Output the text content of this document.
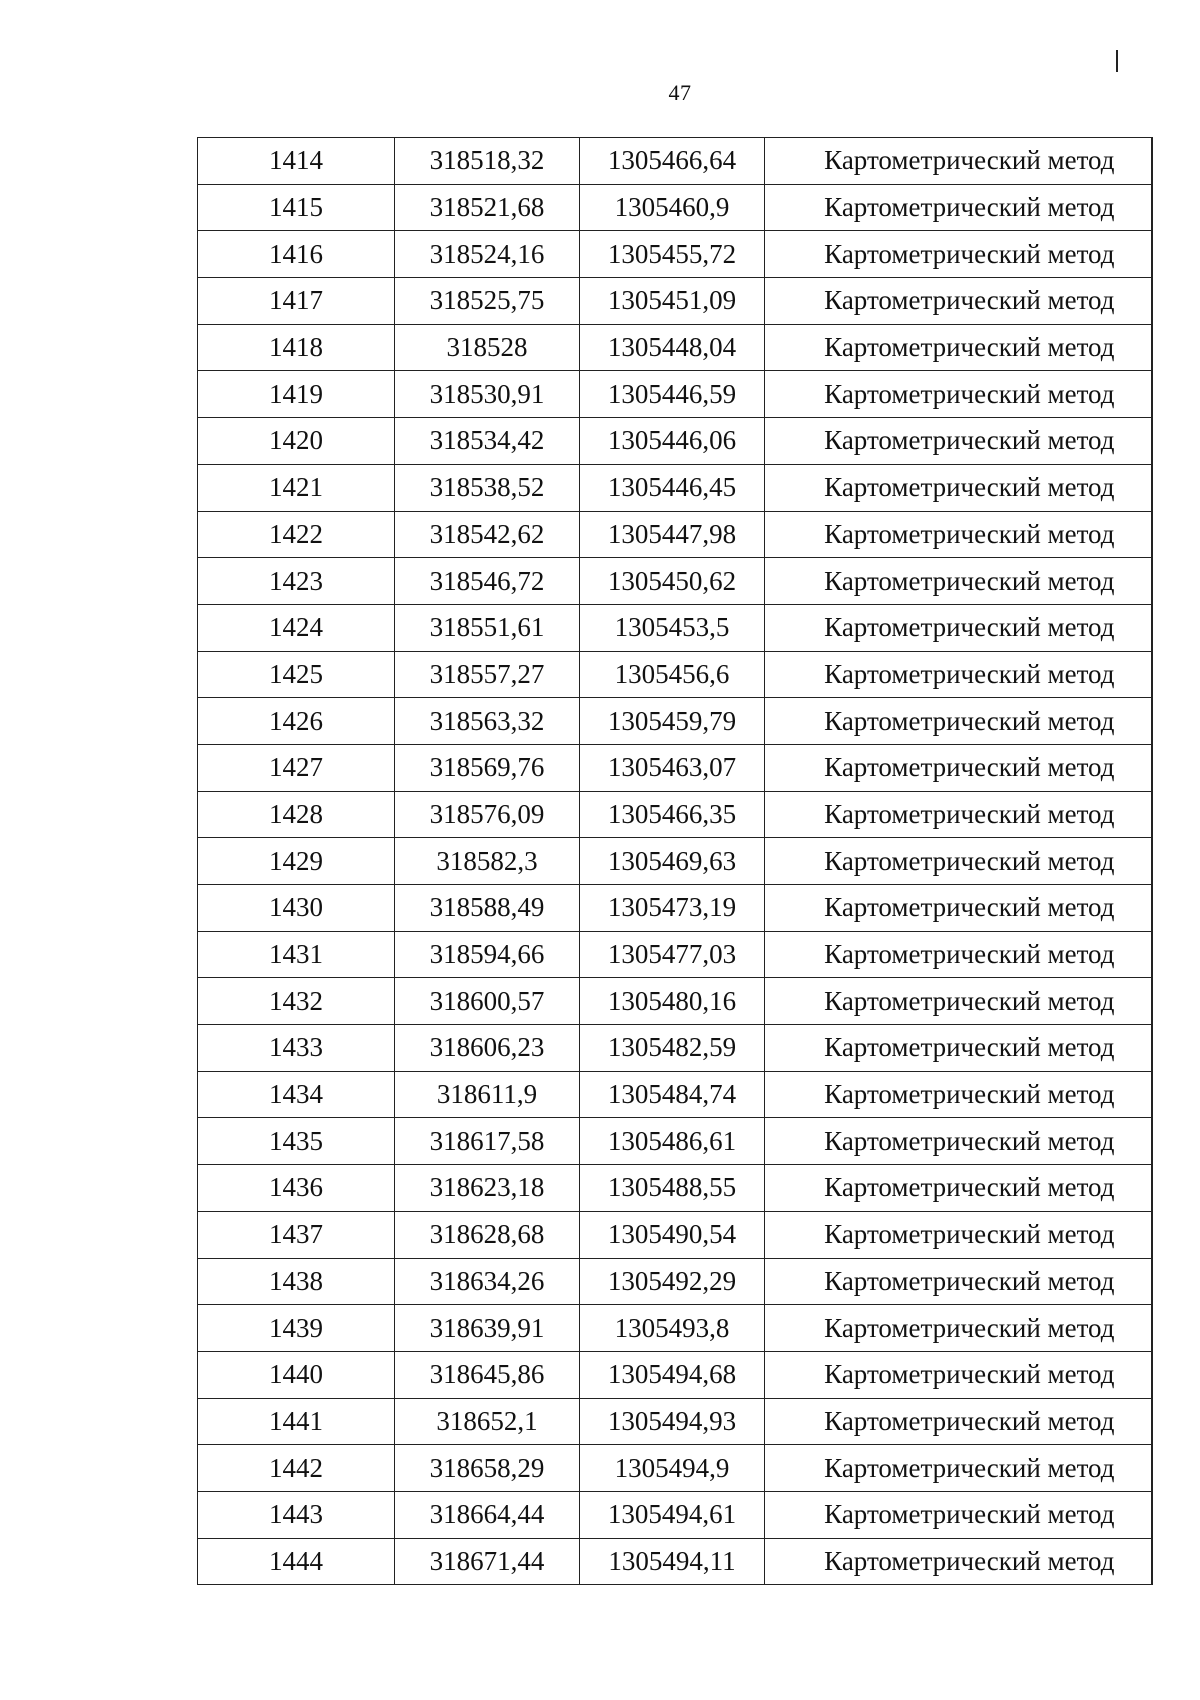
47
1414	318518,32	1305466,64	Картометрический метод
1415	318521,68	1305460,9	Картометрический метод
1416	318524,16	1305455,72	Картометрический метод
1417	318525,75	1305451,09	Картометрический метод
1418	318528	1305448,04	Картометрический метод
1419	318530,91	1305446,59	Картометрический метод
1420	318534,42	1305446,06	Картометрический метод
1421	318538,52	1305446,45	Картометрический метод
1422	318542,62	1305447,98	Картометрический метод
1423	318546,72	1305450,62	Картометрический метод
1424	318551,61	1305453,5	Картометрический метод
1425	318557,27	1305456,6	Картометрический метод
1426	318563,32	1305459,79	Картометрический метод
1427	318569,76	1305463,07	Картометрический метод
1428	318576,09	1305466,35	Картометрический метод
1429	318582,3	1305469,63	Картометрический метод
1430	318588,49	1305473,19	Картометрический метод
1431	318594,66	1305477,03	Картометрический метод
1432	318600,57	1305480,16	Картометрический метод
1433	318606,23	1305482,59	Картометрический метод
1434	318611,9	1305484,74	Картометрический метод
1435	318617,58	1305486,61	Картометрический метод
1436	318623,18	1305488,55	Картометрический метод
1437	318628,68	1305490,54	Картометрический метод
1438	318634,26	1305492,29	Картометрический метод
1439	318639,91	1305493,8	Картометрический метод
1440	318645,86	1305494,68	Картометрический метод
1441	318652,1	1305494,93	Картометрический метод
1442	318658,29	1305494,9	Картометрический метод
1443	318664,44	1305494,61	Картометрический метод
1444	318671,44	1305494,11	Картометрический метод
